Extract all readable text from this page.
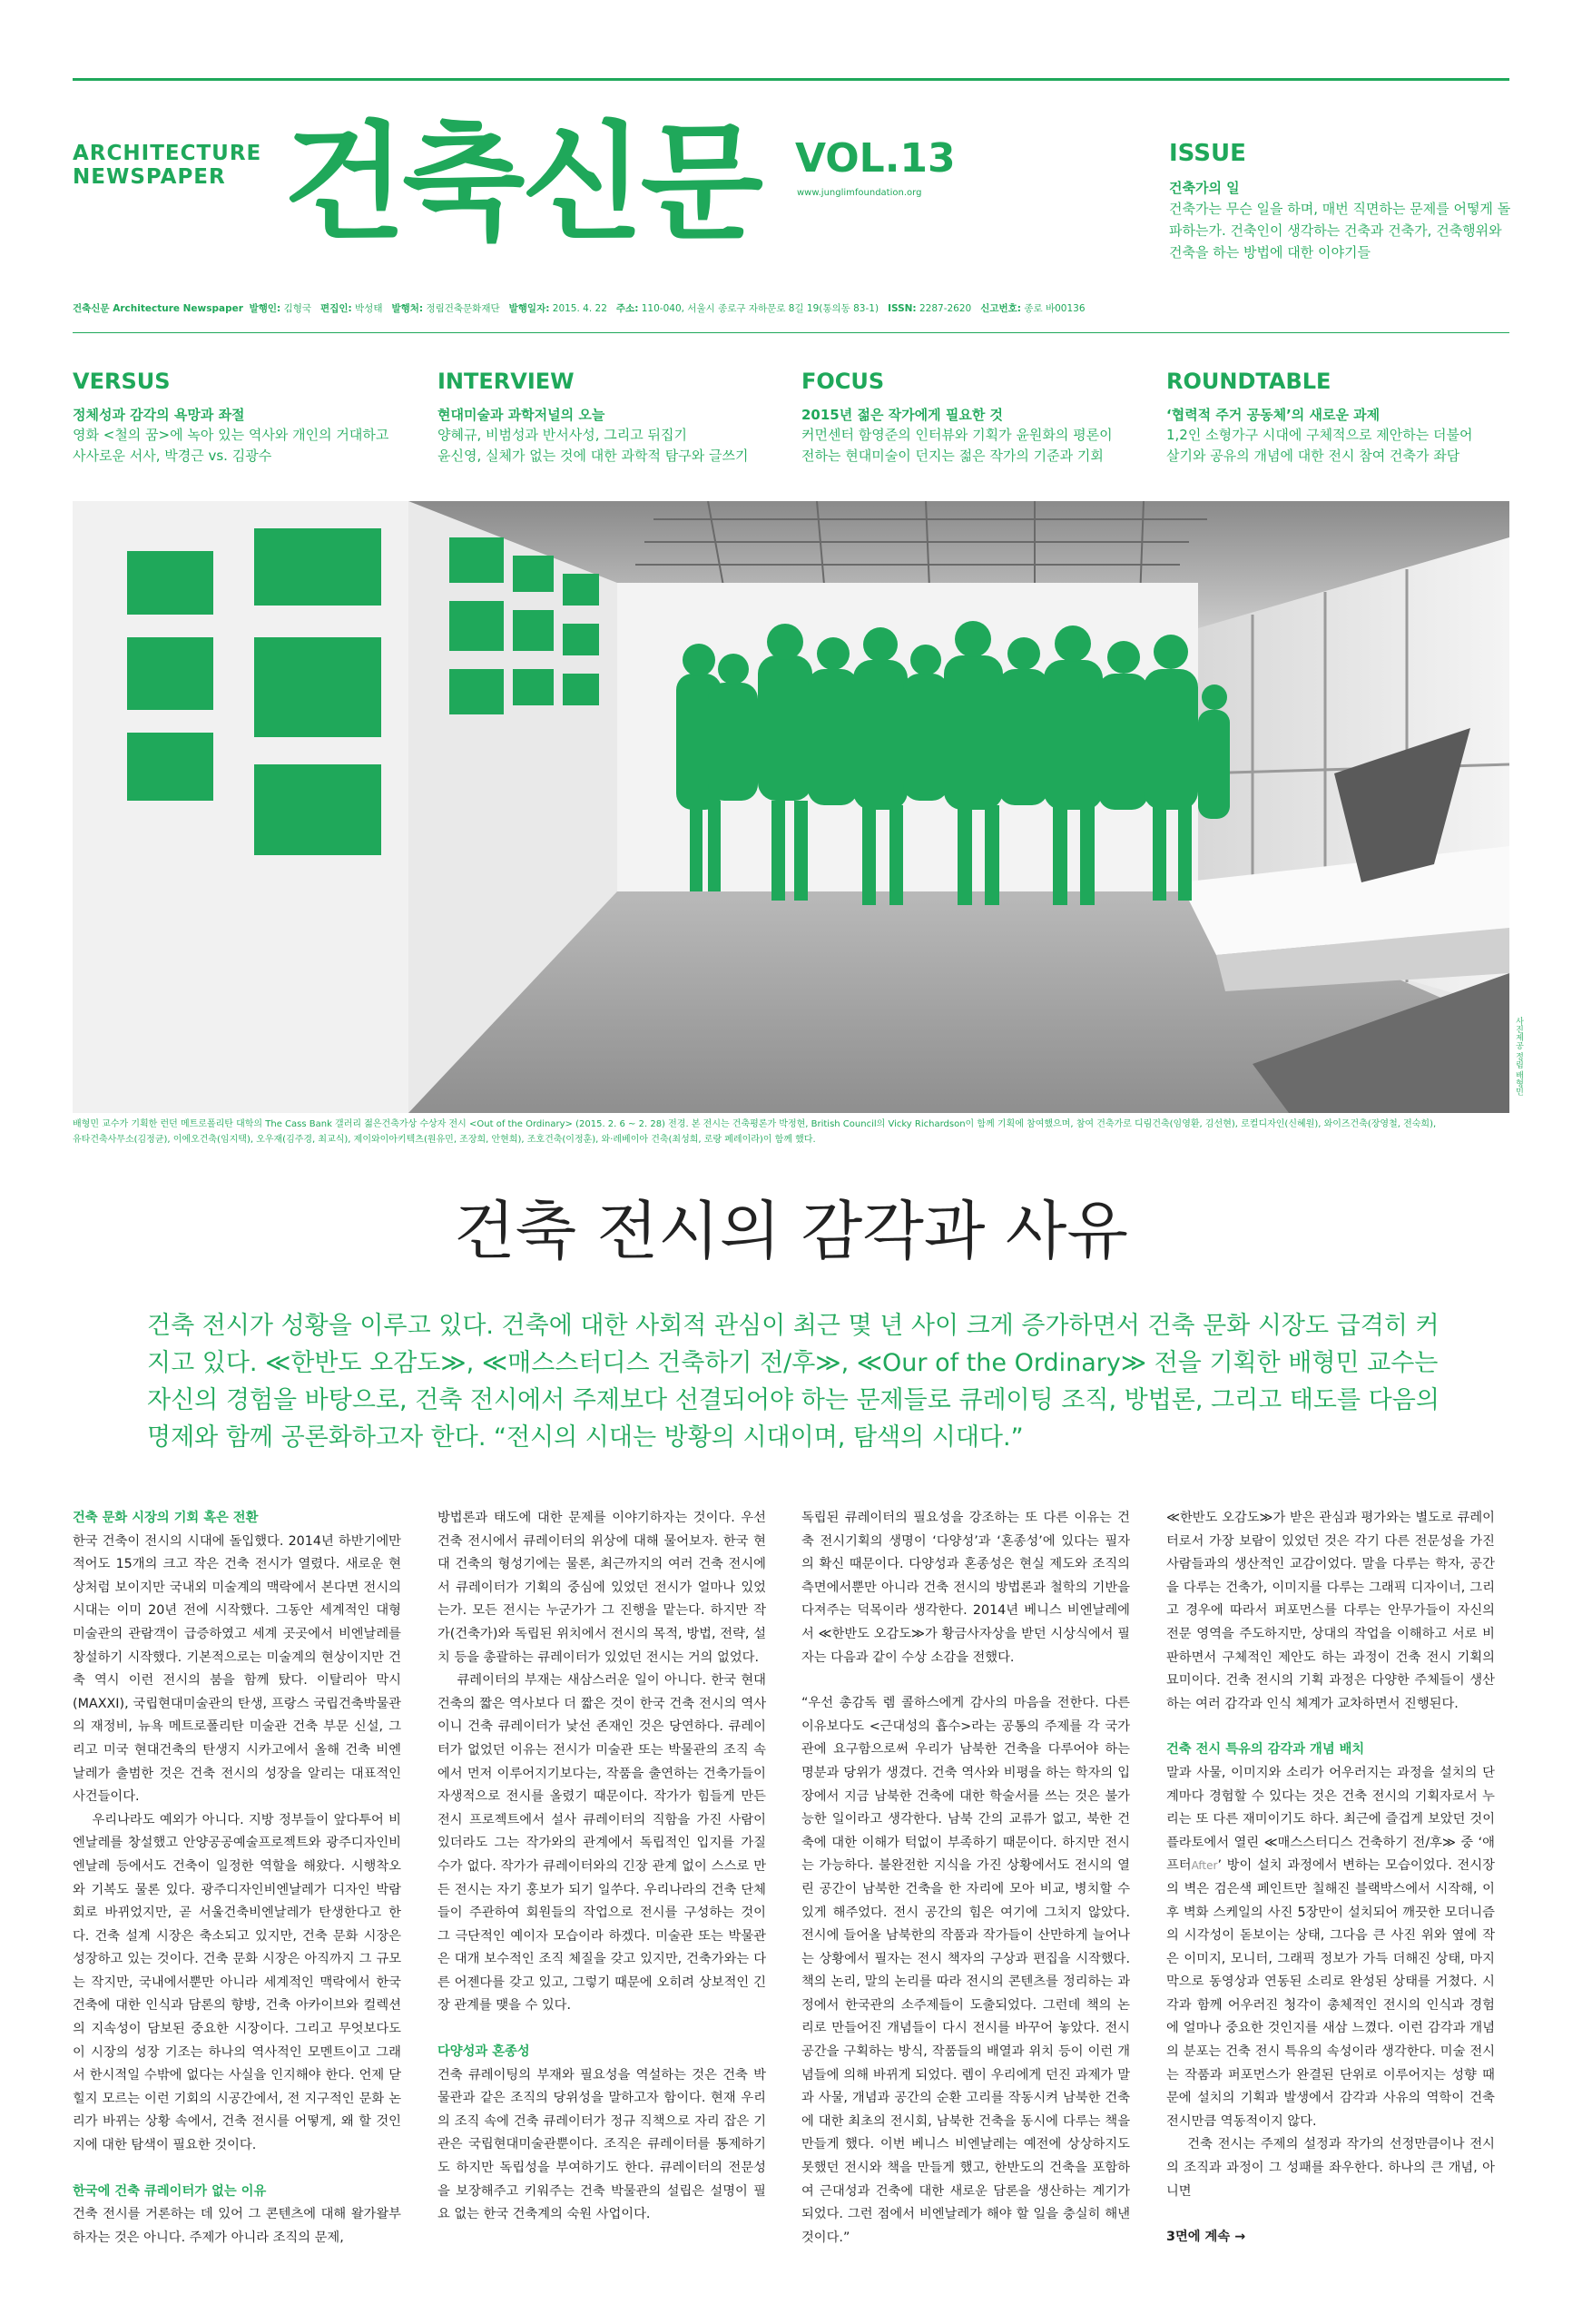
ARCHITECTURE
NEWSPAPER 건축신문 VOL.13
www.junglimfoundation.org
ISSUE
건축가의 일
건축가는 무슨 일을 하며, 매번 직면하는 문제를 어떻게 돌파하는가. 건축인이 생각하는 건축과 건축가, 건축행위와 건축을 하는 방법에 대한 이야기들
건축신문 Architecture Newspaper 발행인: 김형국 편집인: 박성태 발행처: 정림건축문화재단 발행일자: 2015. 4. 22 주소: 110-040, 서울시 종로구 자하문로 8길 19(통의동 83-1) ISSN: 2287-2620 신고번호: 종로 바00136
VERSUS
정체성과 감각의 욕망과 좌절
영화 <철의 꿈>에 녹아 있는 역사와 개인의 거대하고
사사로운 서사, 박경근 vs. 김광수
INTERVIEW
현대미술과 과학저널의 오늘
양혜규, 비범성과 반서사성, 그리고 뒤집기
윤신영, 실체가 없는 것에 대한 과학적 탐구와 글쓰기
FOCUS
2015년 젊은 작가에게 필요한 것
커먼센터 함영준의 인터뷰와 기획가 윤원화의 평론이
전하는 현대미술이 던지는 젊은 작가의 기준과 기회
ROUNDTABLE
‘협력적 주거 공동체’의 새로운 과제
1,2인 소형가구 시대에 구체적으로 제안하는 더불어
살기와 공유의 개념에 대한 전시 참여 건축가 좌담
사진제공 정림 배형민
배형민 교수가 기획한 런던 메트로폴리탄 대학의 The Cass Bank 갤러리 젊은건축가상 수상자 전시 <Out of the Ordinary> (2015. 2. 6 ~ 2. 28) 전경. 본 전시는 건축평론가 박정현, British Council의 Vicky Richardson이 함께 기획에 참여했으며, 참여 건축가로 디림건축(임영환, 김선현), 로컬디자인(신혜원), 와이즈건축(장영철, 전숙희),
유타건축사무소(김정균), 이에오건축(임지택), 오우재(김주경, 최교식), 제이와이아키텍츠(원유민, 조장희, 안현희), 조호건축(이정훈), 와·레베이아 건축(최성희, 로랑 페레이라)이 함께 했다.
건축 전시의 감각과 사유
건축 전시가 성황을 이루고 있다. 건축에 대한 사회적 관심이 최근 몇 년 사이 크게 증가하면서 건축 문화 시장도 급격히 커지고 있다. ≪한반도 오감도≫, ≪매스스터디스 건축하기 전/후≫, ≪Our of the Ordinary≫ 전을 기획한 배형민 교수는 자신의 경험을 바탕으로, 건축 전시에서 주제보다 선결되어야 하는 문제들로 큐레이팅 조직, 방법론, 그리고 태도를 다음의 명제와 함께 공론화하고자 한다. “전시의 시대는 방황의 시대이며, 탐색의 시대다.”
건축 문화 시장의 기회 혹은 전환

한국 건축이 전시의 시대에 돌입했다. 2014년 하반기에만 적어도 15개의 크고 작은 건축 전시가 열렸다. 새로운 현상처럼 보이지만 국내외 미술계의 맥락에서 본다면 전시의 시대는 이미 20년 전에 시작했다. 그동안 세계적인 대형 미술관의 관람객이 급증하였고 세계 곳곳에서 비엔날레를 창설하기 시작했다. 기본적으로는 미술계의 현상이지만 건축 역시 이런 전시의 붐을 함께 탔다. 이탈리아 막시(MAXXI), 국립현대미술관의 탄생, 프랑스 국립건축박물관의 재정비, 뉴욕 메트로폴리탄 미술관 건축 부문 신설, 그리고 미국 현대건축의 탄생지 시카고에서 올해 건축 비엔날레가 출범한 것은 건축 전시의 성장을 알리는 대표적인 사건들이다.

우리나라도 예외가 아니다. 지방 정부들이 앞다투어 비엔날레를 창설했고 안양공공예술프로젝트와 광주디자인비엔날레 등에서도 건축이 일정한 역할을 해왔다. 시행착오와 기복도 물론 있다. 광주디자인비엔날레가 디자인 박람회로 바뀌었지만, 곧 서울건축비엔날레가 탄생한다고 한다. 건축 설계 시장은 축소되고 있지만, 건축 문화 시장은 성장하고 있는 것이다. 건축 문화 시장은 아직까지 그 규모는 작지만, 국내에서뿐만 아니라 세계적인 맥락에서 한국 건축에 대한 인식과 담론의 향방, 건축 아카이브와 컬렉션의 지속성이 담보된 중요한 시장이다. 그리고 무엇보다도 이 시장의 성장 기조는 하나의 역사적인 모멘트이고 그래서 한시적일 수밖에 없다는 사실을 인지해야 한다. 언제 닫힐지 모르는 이런 기회의 시공간에서, 전 지구적인 문화 논리가 바뀌는 상황 속에서, 건축 전시를 어떻게, 왜 할 것인지에 대한 탐색이 필요한 것이다.

한국에 건축 큐레이터가 없는 이유

건축 전시를 거론하는 데 있어 그 콘텐츠에 대해 왈가왈부하자는 것은 아니다. 주제가 아니라 조직의 문제,

방법론과 태도에 대한 문제를 이야기하자는 것이다. 우선 건축 전시에서 큐레이터의 위상에 대해 물어보자. 한국 현대 건축의 형성기에는 물론, 최근까지의 여러 건축 전시에서 큐레이터가 기획의 중심에 있었던 전시가 얼마나 있었는가. 모든 전시는 누군가가 그 진행을 맡는다. 하지만 작가(건축가)와 독립된 위치에서 전시의 목적, 방법, 전략, 설치 등을 총괄하는 큐레이터가 있었던 전시는 거의 없었다.

큐레이터의 부재는 새삼스러운 일이 아니다. 한국 현대 건축의 짧은 역사보다 더 짧은 것이 한국 건축 전시의 역사이니 건축 큐레이터가 낯선 존재인 것은 당연하다. 큐레이터가 없었던 이유는 전시가 미술관 또는 박물관의 조직 속에서 먼저 이루어지기보다는, 작품을 출연하는 건축가들이 자생적으로 전시를 올렸기 때문이다. 작가가 힘들게 만든 전시 프로젝트에서 설사 큐레이터의 직함을 가진 사람이 있더라도 그는 작가와의 관계에서 독립적인 입지를 가질 수가 없다. 작가가 큐레이터와의 긴장 관계 없이 스스로 만든 전시는 자기 홍보가 되기 일쑤다. 우리나라의 건축 단체들이 주관하여 회원들의 작업으로 전시를 구성하는 것이 그 극단적인 예이자 모습이라 하겠다. 미술관 또는 박물관은 대개 보수적인 조직 체질을 갖고 있지만, 건축가와는 다른 어젠다를 갖고 있고, 그렇기 때문에 오히려 상보적인 긴장 관계를 맺을 수 있다.

다양성과 혼종성

건축 큐레이팅의 부재와 필요성을 역설하는 것은 건축 박물관과 같은 조직의 당위성을 말하고자 함이다. 현재 우리의 조직 속에 건축 큐레이터가 정규 직책으로 자리 잡은 기관은 국립현대미술관뿐이다. 조직은 큐레이터를 통제하기도 하지만 독립성을 부여하기도 한다. 큐레이터의 전문성을 보장해주고 키워주는 건축 박물관의 설립은 설명이 필요 없는 한국 건축계의 숙원 사업이다.

독립된 큐레이터의 필요성을 강조하는 또 다른 이유는 건축 전시기획의 생명이 ‘다양성’과 ‘혼종성’에 있다는 필자의 확신 때문이다. 다양성과 혼종성은 현실 제도와 조직의 측면에서뿐만 아니라 건축 전시의 방법론과 철학의 기반을 다져주는 덕목이라 생각한다. 2014년 베니스 비엔날레에서 ≪한반도 오감도≫가 황금사자상을 받던 시상식에서 필자는 다음과 같이 수상 소감을 전했다.

“우선 총감독 렘 콜하스에게 감사의 마음을 전한다. 다른 이유보다도 <근대성의 흡수>라는 공통의 주제를 각 국가관에 요구함으로써 우리가 남북한 건축을 다루어야 하는 명분과 당위가 생겼다. 건축 역사와 비평을 하는 학자의 입장에서 지금 남북한 건축에 대한 학술서를 쓰는 것은 불가능한 일이라고 생각한다. 남북 간의 교류가 없고, 북한 건축에 대한 이해가 턱없이 부족하기 때문이다. 하지만 전시는 가능하다. 불완전한 지식을 가진 상황에서도 전시의 열린 공간이 남북한 건축을 한 자리에 모아 비교, 병치할 수 있게 해주었다. 전시 공간의 힘은 여기에 그치지 않았다. 전시에 들어올 남북한의 작품과 작가들이 산만하게 늘어나는 상황에서 필자는 전시 책자의 구상과 편집을 시작했다. 책의 논리, 말의 논리를 따라 전시의 콘텐츠를 정리하는 과정에서 한국관의 소주제들이 도출되었다. 그런데 책의 논리로 만들어진 개념들이 다시 전시를 바꾸어 놓았다. 전시 공간을 구획하는 방식, 작품들의 배열과 위치 등이 이런 개념들에 의해 바뀌게 되었다. 렘이 우리에게 던진 과제가 말과 사물, 개념과 공간의 순환 고리를 작동시켜 남북한 건축에 대한 최초의 전시회, 남북한 건축을 동시에 다루는 책을 만들게 했다. 이번 베니스 비엔날레는 예전에 상상하지도 못했던 전시와 책을 만들게 했고, 한반도의 건축을 포함하여 근대성과 건축에 대한 새로운 담론을 생산하는 계기가 되었다. 그런 점에서 비엔날레가 해야 할 일을 충실히 해낸 것이다.”

≪한반도 오감도≫가 받은 관심과 평가와는 별도로 큐레이터로서 가장 보람이 있었던 것은 각기 다른 전문성을 가진 사람들과의 생산적인 교감이었다. 말을 다루는 학자, 공간을 다루는 건축가, 이미지를 다루는 그래픽 디자이너, 그리고 경우에 따라서 퍼포먼스를 다루는 안무가들이 자신의 전문 영역을 주도하지만, 상대의 작업을 이해하고 서로 비판하면서 구체적인 제안도 하는 과정이 건축 전시 기획의 묘미이다. 건축 전시의 기획 과정은 다양한 주체들이 생산하는 여러 감각과 인식 체계가 교차하면서 진행된다.

건축 전시 특유의 감각과 개념 배치

말과 사물, 이미지와 소리가 어우러지는 과정을 설치의 단계마다 경험할 수 있다는 것은 건축 전시의 기획자로서 누리는 또 다른 재미이기도 하다. 최근에 즐겁게 보았던 것이 플라토에서 열린 ≪매스스터디스 건축하기 전/후≫ 중 ‘애프터After’ 방이 설치 과정에서 변하는 모습이었다. 전시장의 벽은 검은색 페인트만 칠해진 블랙박스에서 시작해, 이후 벽화 스케일의 사진 5장만이 설치되어 깨끗한 모더니즘의 시각성이 돋보이는 상태, 그다음 큰 사진 위와 옆에 작은 이미지, 모니터, 그래픽 정보가 가득 더해진 상태, 마지막으로 동영상과 연동된 소리로 완성된 상태를 거쳤다. 시각과 함께 어우러진 청각이 총체적인 전시의 인식과 경험에 얼마나 중요한 것인지를 새삼 느꼈다. 이런 감각과 개념의 분포는 건축 전시 특유의 속성이라 생각한다. 미술 전시는 작품과 퍼포먼스가 완결된 단위로 이루어지는 성향 때문에 설치의 기획과 발생에서 감각과 사유의 역학이 건축 전시만큼 역동적이지 않다.

건축 전시는 주제의 설정과 작가의 선정만큼이나 전시의 조직과 과정이 그 성패를 좌우한다. 하나의 큰 개념, 아니면

3면에 계속 →
